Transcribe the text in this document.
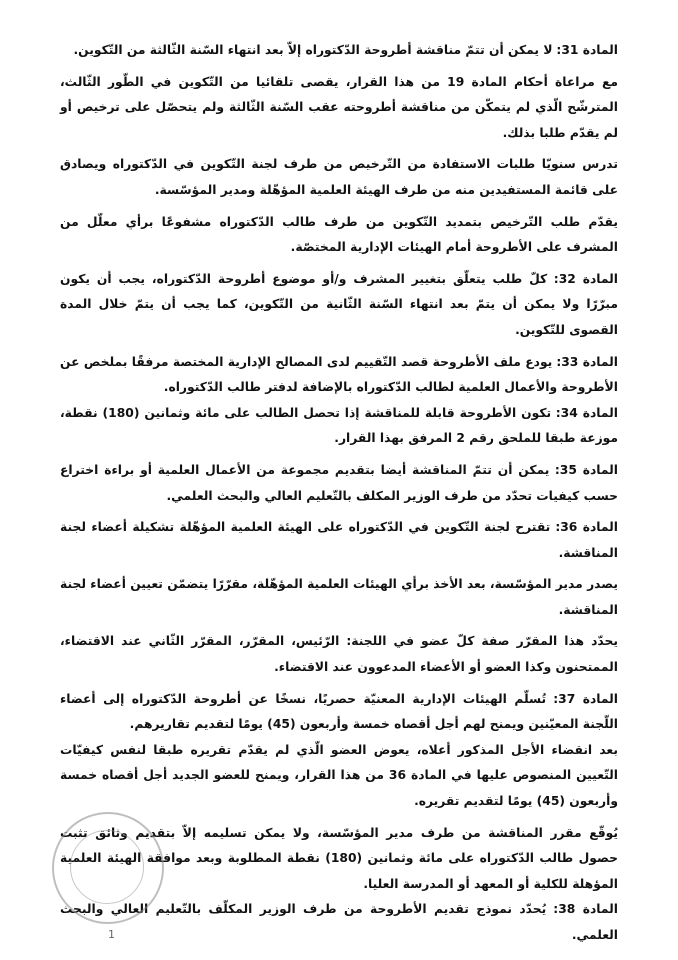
المادة 31: لا يمكن أن تتمّ مناقشة أطروحة الدّكتوراه إلاّ بعد انتهاء السّنة الثّالثة من التّكوين.

مع مراعاة أحكام المادة 19 من هذا القرار، يقصى تلقائيا من التّكوين في الطّور الثّالث، المترشّح الّذي لم يتمكّن من مناقشة أطروحته عقب السّنة الثّالثة ولم يتحصّل على ترخيص أو لم يقدّم طلبا بذلك.

تدرس سنويّا طلبات الاستفادة من التّرخيص من طرف لجنة التّكوين في الدّكتوراه ويصادق على قائمة المستفيدين منه من طرف الهيئة العلمية المؤهّلة ومدير المؤسّسة.

يقدّم طلب التّرخيص بتمديد التّكوين من طرف طالب الدّكتوراه مشفوعًا برأي معلّل من المشرف على الأطروحة أمام الهيئات الإدارية المختصّة.

المادة 32: كلّ طلب يتعلّق بتغيير المشرف و/أو موضوع أطروحة الدّكتوراه، يجب أن يكون مبرّرًا ولا يمكن أن يتمّ بعد انتهاء السّنة الثّانية من التّكوين، كما يجب أن يتمّ خلال المدة القصوى للتّكوين.

المادة 33: يودع ملف الأطروحة قصد التّقييم لدى المصالح الإدارية المختصة مرفقًا بملخص عن الأطروحة والأعمال العلمية لطالب الدّكتوراه بالإضافة لدفتر طالب الدّكتوراه.

المادة 34: تكون الأطروحة قابلة للمناقشة إذا تحصل الطالب على مائة وثمانين (180) نقطة، موزعة طبقا للملحق رقم 2 المرفق بهذا القرار.

المادة 35: يمكن أن تتمّ المناقشة أيضا بتقديم مجموعة من الأعمال العلمية أو براءة اختراع حسب كيفيات تحدّد من طرف الوزير المكلف بالتّعليم العالي والبحث العلمي.

المادة 36: تقترح لجنة التّكوين في الدّكتوراه على الهيئة العلمية المؤهّلة تشكيلة أعضاء لجنة المناقشة.

يصدر مدير المؤسّسة، بعد الأخذ برأي الهيئات العلمية المؤهّلة، مقرّرًا يتضمّن تعيين أعضاء لجنة المناقشة.

يحدّد هذا المقرّر صفة كلّ عضو في اللجنة: الرّئيس، المقرّر، المقرّر الثّاني عند الاقتضاء، الممتحنون وكذا العضو أو الأعضاء المدعوون عند الاقتضاء.

المادة 37: تُسلّم الهيئات الإدارية المعنيّة حصريًا، نسخًا عن أطروحة الدّكتوراه إلى أعضاء اللّجنة المعيّنين ويمنح لهم أجل أقصاه خمسة وأربعون (45) يومًا لتقديم تقاريرهم.

بعد انقضاء الأجل المذكور أعلاه، يعوض العضو الّذي لم يقدّم تقريره طبقا لنفس كيفيّات التّعيين المنصوص عليها في المادة 36 من هذا القرار، ويمنح للعضو الجديد أجل أقصاه خمسة وأربعون (45) يومًا لتقديم تقريره.

يُوقّع مقرر المناقشة من طرف مدير المؤسّسة، ولا يمكن تسليمه إلاّ بتقديم وثائق تثبت حصول طالب الدّكتوراه على مائة وثمانين (180) نقطة المطلوبة وبعد موافقة الهيئة العلمية المؤهلة للكلية أو المعهد أو المدرسة العليا.

المادة 38: يُحدّد نموذج تقديم الأطروحة من طرف الوزير المكلّف بالتّعليم العالي والبحث العلمي.

1
